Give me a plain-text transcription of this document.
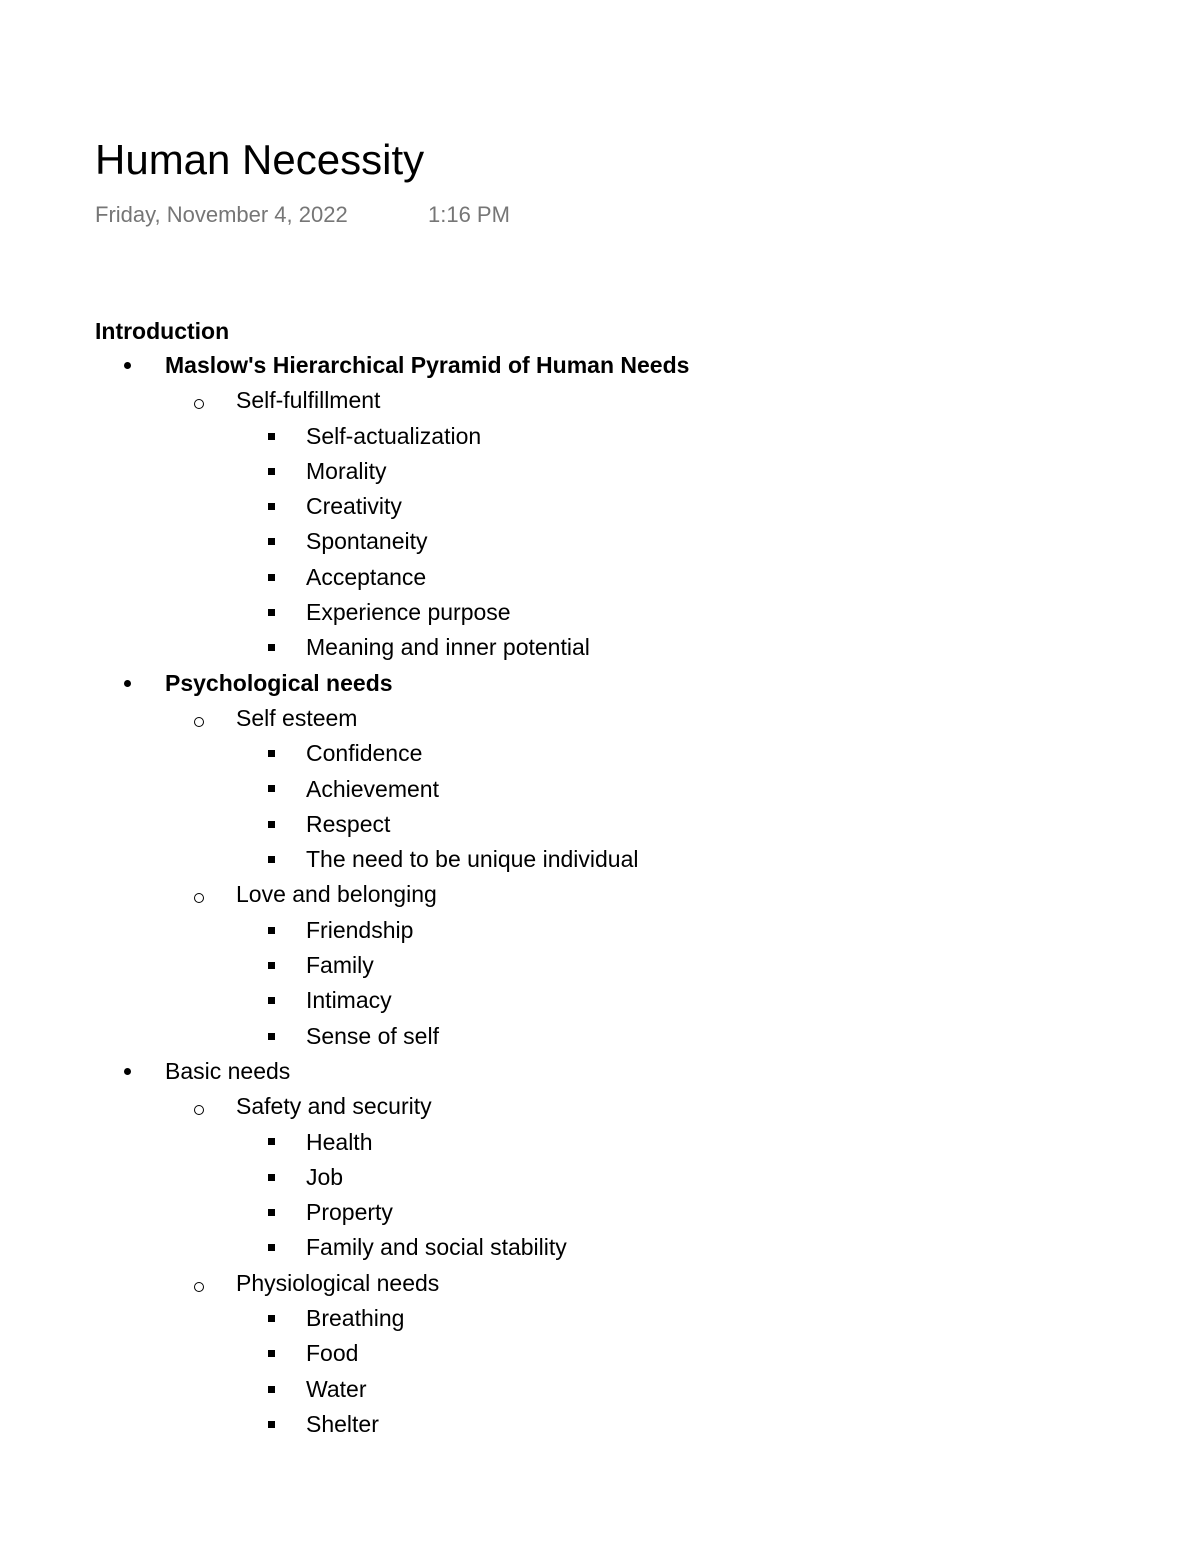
Human Necessity
Friday, November 4, 2022	1:16 PM
Introduction
Maslow's Hierarchical Pyramid of Human Needs
Self-fulfillment
Self-actualization
Morality
Creativity
Spontaneity
Acceptance
Experience purpose
Meaning and inner potential
Psychological needs
Self esteem
Confidence
Achievement
Respect
The need to be unique individual
Love and belonging
Friendship
Family
Intimacy
Sense of self
Basic needs
Safety and security
Health
Job
Property
Family and social stability
Physiological needs
Breathing
Food
Water
Shelter
